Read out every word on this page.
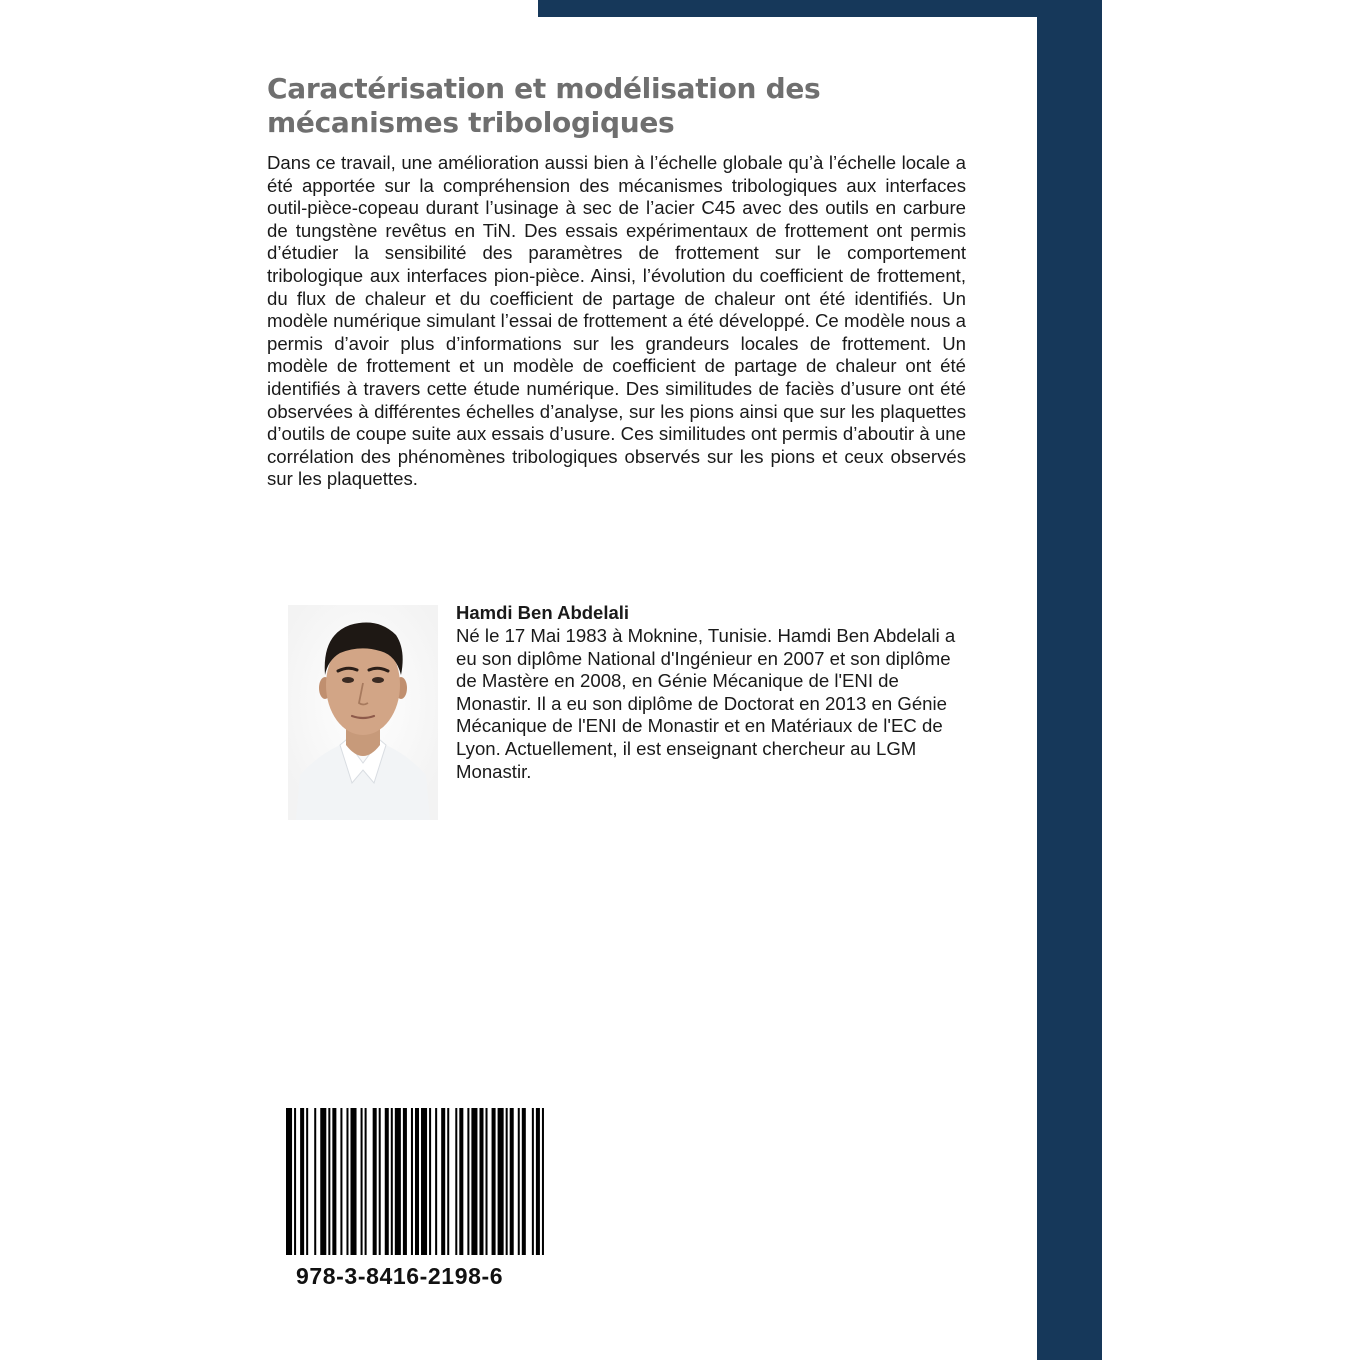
Caractérisation et modélisation des mécanismes tribologiques

Dans ce travail, une amélioration aussi bien à l’échelle globale qu’à l’échelle locale a été apportée sur la compréhension des mécanismes tribologiques aux interfaces outil-pièce-copeau durant l’usinage à sec de l’acier C45 avec des outils en carbure de tungstène revêtus en TiN. Des essais expérimentaux de frottement ont permis d’étudier la sensibilité des paramètres de frottement sur le comportement tribologique aux interfaces pion-pièce. Ainsi, l’évolution du coefficient de frottement, du flux de chaleur et du coefficient de partage de chaleur ont été identifiés. Un modèle numérique simulant l’essai de frottement a été développé. Ce modèle nous a permis d’avoir plus d’informations sur les grandeurs locales de frottement. Un modèle de frottement et un modèle de coefficient de partage de chaleur ont été identifiés à travers cette étude numérique. Des similitudes de faciès d’usure ont été observées à différentes échelles d’analyse, sur les pions ainsi que sur les plaquettes d’outils de coupe suite aux essais d’usure. Ces similitudes ont permis d’aboutir à une corrélation des phénomènes tribologiques observés sur les pions et ceux observés sur les plaquettes.

Hamdi Ben Abdelali

Né le 17 Mai 1983 à Moknine, Tunisie. Hamdi Ben Abdelali a eu son diplôme National d'Ingénieur en 2007 et son diplôme de Mastère en 2008, en Génie Mécanique de l'ENI de Monastir. Il a eu son diplôme de Doctorat en 2013 en Génie Mécanique de l'ENI de Monastir et en Matériaux de l'EC de Lyon. Actuellement, il est enseignant chercheur au LGM Monastir.

978-3-8416-2198-6
